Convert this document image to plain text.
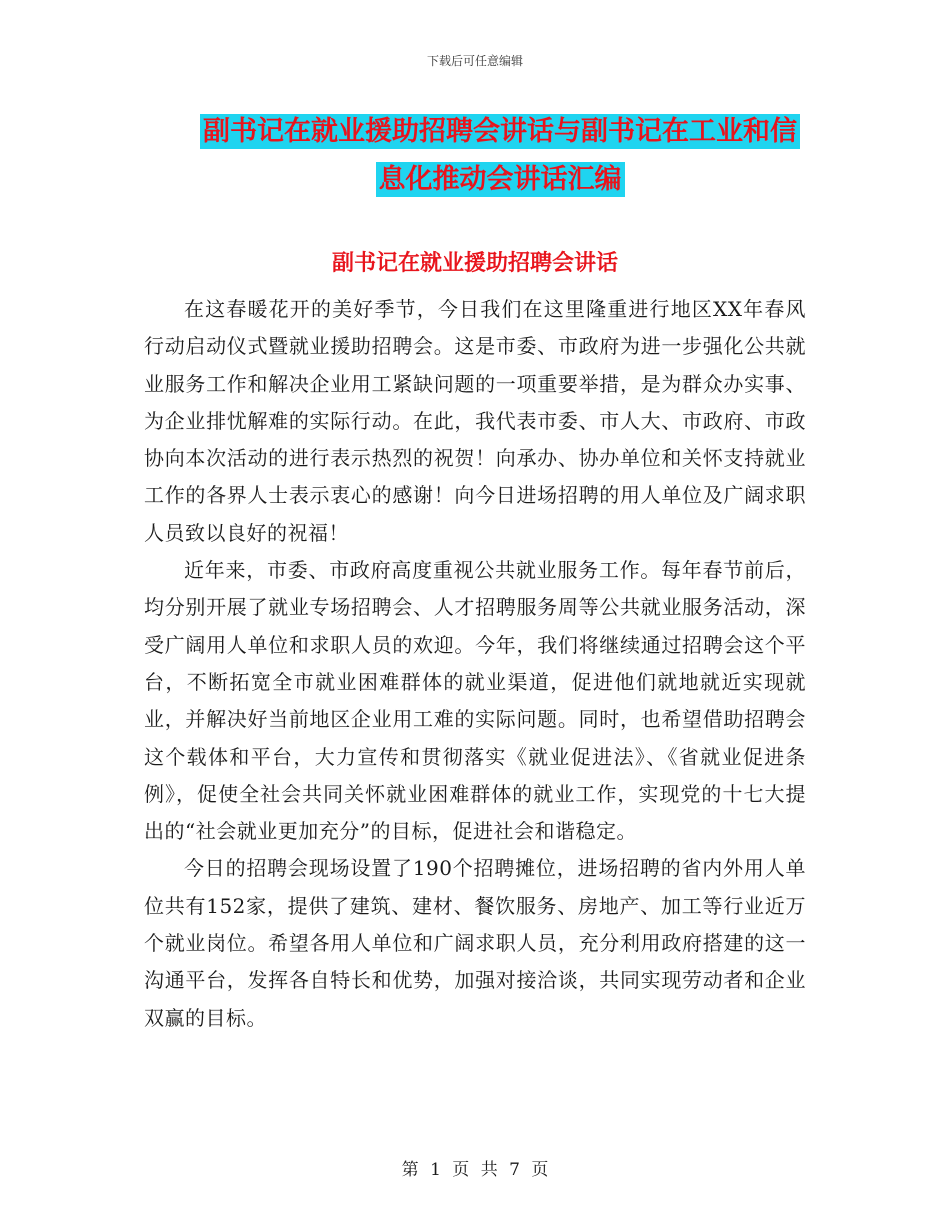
下载后可任意编辑
副书记在就业援助招聘会讲话与副书记在工业和信息化推动会讲话汇编
副书记在就业援助招聘会讲话

在这春暖花开的美好季节，今日我们在这里隆重进行地区XX年春风行动启动仪式暨就业援助招聘会。这是市委、市政府为进一步强化公共就业服务工作和解决企业用工紧缺问题的一项重要举措，是为群众办实事、为企业排忧解难的实际行动。在此，我代表市委、市人大、市政府、市政协向本次活动的进行表示热烈的祝贺！向承办、协办单位和关怀支持就业工作的各界人士表示衷心的感谢！向今日进场招聘的用人单位及广阔求职人员致以良好的祝福！

近年来，市委、市政府高度重视公共就业服务工作。每年春节前后，均分别开展了就业专场招聘会、人才招聘服务周等公共就业服务活动，深受广阔用人单位和求职人员的欢迎。今年，我们将继续通过招聘会这个平台，不断拓宽全市就业困难群体的就业渠道，促进他们就地就近实现就业，并解决好当前地区企业用工难的实际问题。同时，也希望借助招聘会这个载体和平台，大力宣传和贯彻落实《就业促进法》、《省就业促进条例》，促使全社会共同关怀就业困难群体的就业工作，实现党的十七大提出的“社会就业更加充分”的目标，促进社会和谐稳定。

今日的招聘会现场设置了190个招聘摊位，进场招聘的省内外用人单位共有152家，提供了建筑、建材、餐饮服务、房地产、加工等行业近万个就业岗位。希望各用人单位和广阔求职人员，充分利用政府搭建的这一沟通平台，发挥各自特长和优势，加强对接洽谈，共同实现劳动者和企业双赢的目标。

第 1 页 共 7 页
